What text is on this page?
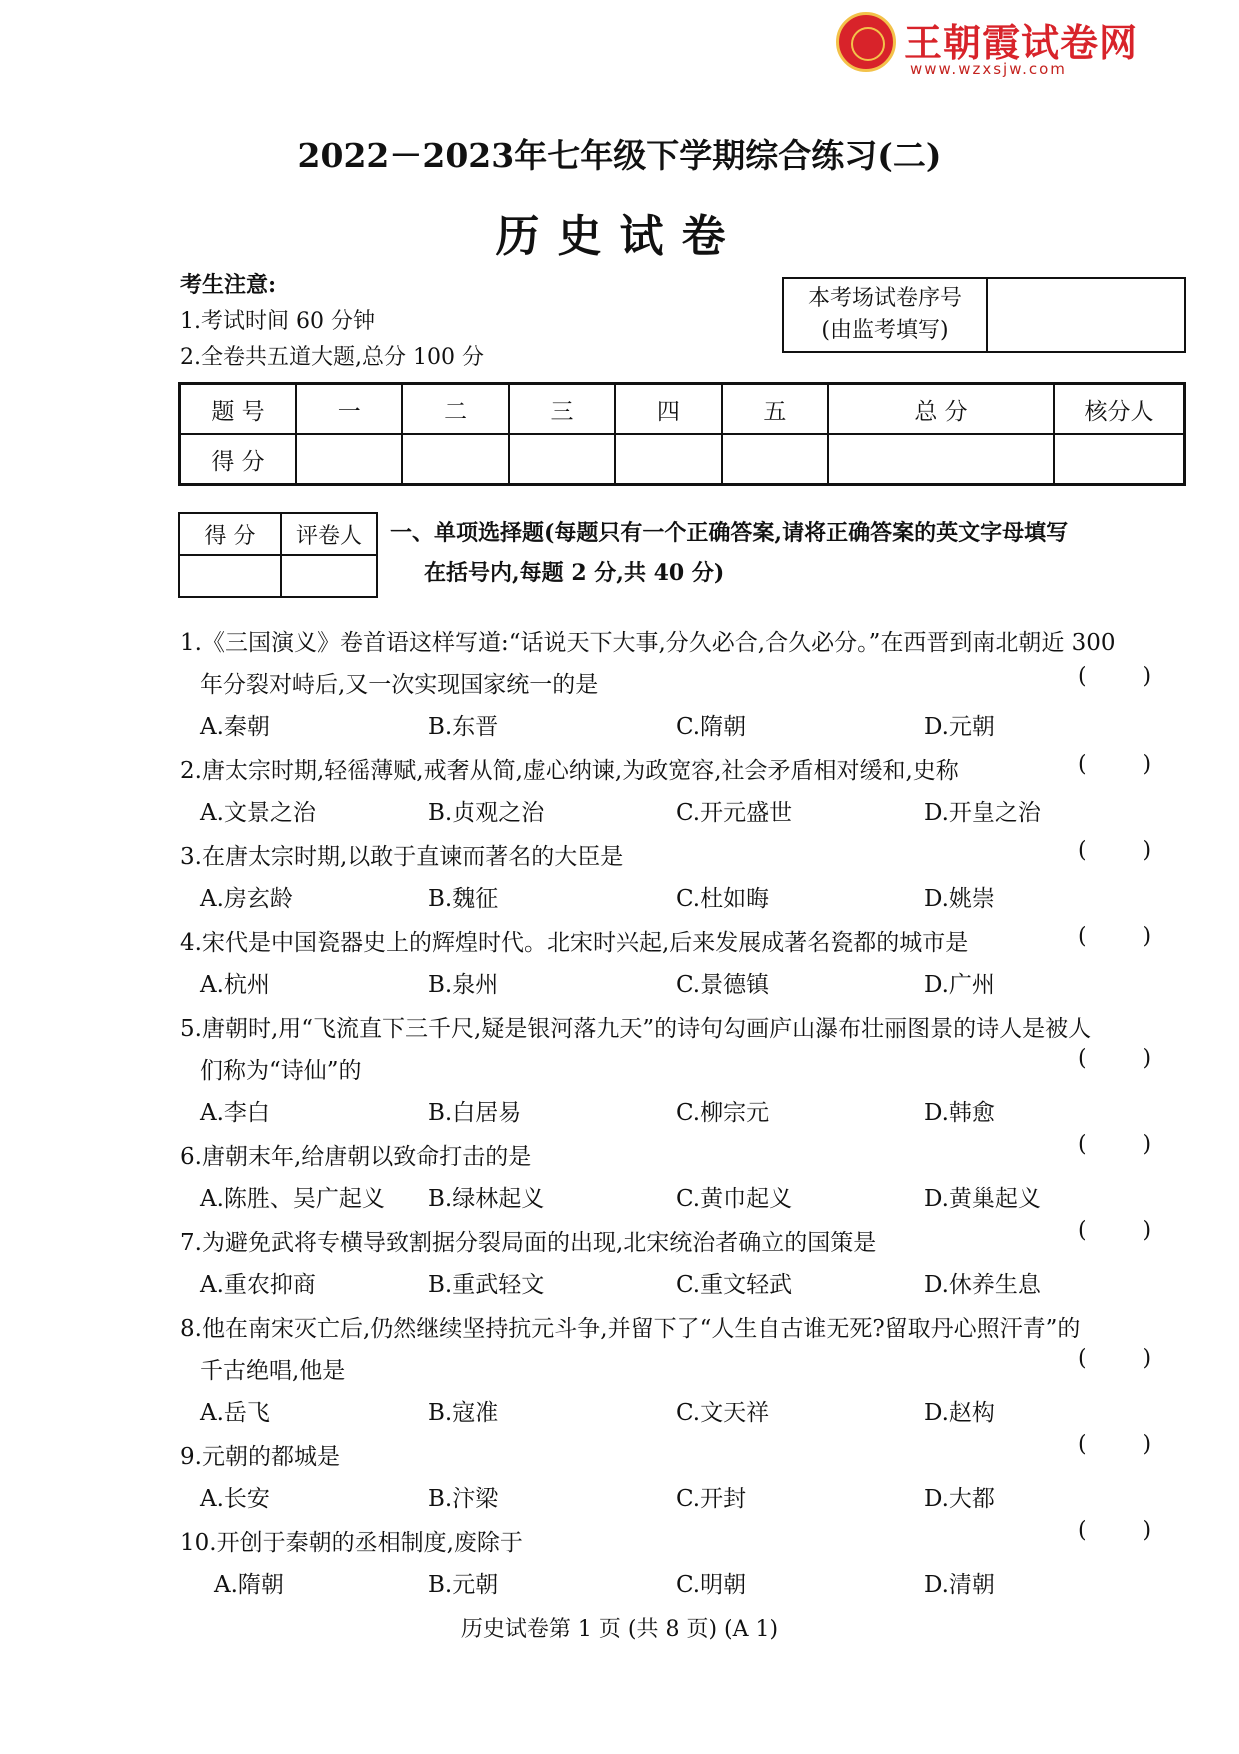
王朝霞试卷网
www.wzxsjw.com
2022－2023年七年级下学期综合练习(二)
历史试卷
考生注意:
1.考试时间 60 分钟
2.全卷共五道大题,总分 100 分
本考场试卷序号
(由监考填写)
题 号	一	二	三	四	五	总 分	核分人
得 分							
得 分	评卷人
	一、单项选择题(每题只有一个正确答案,请将正确答案的英文字母填写
在括号内,每题 2 分,共 40 分)
1.《三国演义》卷首语这样写道:“话说天下大事,分久必合,合久必分。”在西晋到南北朝近 300
年分裂对峙后,又一次实现国家统一的是	(        )
A.秦朝	B.东晋	C.隋朝	D.元朝
2.唐太宗时期,轻徭薄赋,戒奢从简,虚心纳谏,为政宽容,社会矛盾相对缓和,史称	(        )
A.文景之治	B.贞观之治	C.开元盛世	D.开皇之治
3.在唐太宗时期,以敢于直谏而著名的大臣是	(        )
A.房玄龄	B.魏征	C.杜如晦	D.姚崇
4.宋代是中国瓷器史上的辉煌时代。北宋时兴起,后来发展成著名瓷都的城市是	(        )
A.杭州	B.泉州	C.景德镇	D.广州
5.唐朝时,用“飞流直下三千尺,疑是银河落九天”的诗句勾画庐山瀑布壮丽图景的诗人是被人
们称为“诗仙”的	(        )
A.李白	B.白居易	C.柳宗元	D.韩愈
6.唐朝末年,给唐朝以致命打击的是	(        )
A.陈胜、吴广起义 B.绿林起义	C.黄巾起义	D.黄巢起义
7.为避免武将专横导致割据分裂局面的出现,北宋统治者确立的国策是	(        )
A.重农抑商	B.重武轻文	C.重文轻武	D.休养生息
8.他在南宋灭亡后,仍然继续坚持抗元斗争,并留下了“人生自古谁无死?留取丹心照汗青”的
千古绝唱,他是	(        )
A.岳飞	B.寇准	C.文天祥	D.赵构
9.元朝的都城是	(        )
A.长安	B.汴梁	C.开封	D.大都
10.开创于秦朝的丞相制度,废除于	(        )
A.隋朝	B.元朝	C.明朝	D.清朝
历史试卷第 1 页 (共 8 页) (A 1)
